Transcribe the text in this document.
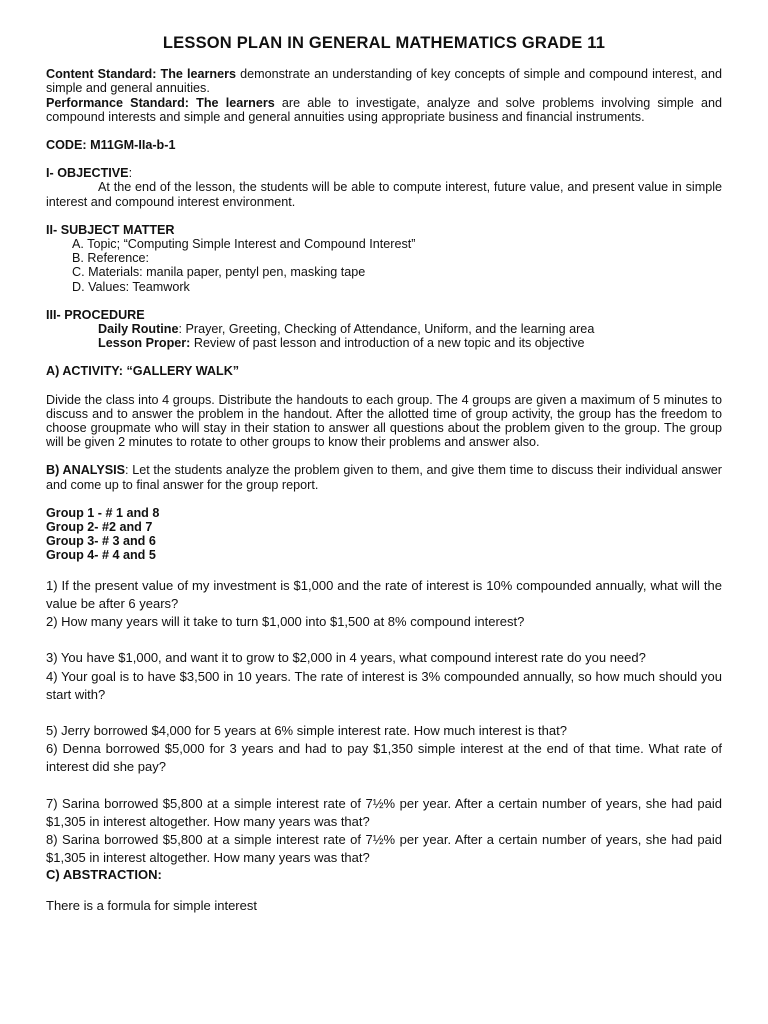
LESSON PLAN IN GENERAL MATHEMATICS GRADE 11

Content Standard: The learners demonstrate an understanding of key concepts of simple and compound interest, and simple and general annuities.

Performance Standard: The learners are able to investigate, analyze and solve problems involving simple and compound interests and simple and general annuities using appropriate business and financial instruments.

CODE: M11GM-IIa-b-1

I- OBJECTIVE:

At the end of the lesson, the students will be able to compute interest, future value, and present value in simple interest and compound interest environment.

II- SUBJECT MATTER

A. Topic; “Computing Simple Interest and Compound Interest”
B. Reference:
C. Materials: manila paper, pentyl pen, masking tape
D. Values: Teamwork

III- PROCEDURE

Daily Routine: Prayer, Greeting, Checking of Attendance, Uniform, and the learning area

Lesson Proper: Review of past lesson and introduction of a new topic and its objective

A) ACTIVITY: “GALLERY WALK”

Divide the class into 4 groups. Distribute the handouts to each group. The 4 groups are given a maximum of 5 minutes to discuss and to answer the problem in the handout. After the allotted time of group activity, the group has the freedom to choose groupmate who will stay in their station to answer all questions about the problem given to the group. The group will be given 2 minutes to rotate to other groups to know their problems and answer also.

B) ANALYSIS: Let the students analyze the problem given to them, and give them time to discuss their individual answer and come up to final answer for the group report.

Group 1 - # 1 and 8
Group 2- #2 and 7
Group 3- # 3 and 6
Group 4- # 4 and 5

1) If the present value of my investment is $1,000 and the rate of interest is 10% compounded annually, what will the value be after 6 years?

2) How many years will it take to turn $1,000 into $1,500 at 8% compound interest?

3) You have $1,000, and want it to grow to $2,000 in 4 years, what compound interest rate do you need?

4) Your goal is to have $3,500 in 10 years. The rate of interest is 3% compounded annually, so how much should you start with?

5) Jerry borrowed $4,000 for 5 years at 6% simple interest rate. How much interest is that?

6) Denna borrowed $5,000 for 3 years and had to pay $1,350 simple interest at the end of that time. What rate of interest did she pay?

7) Sarina borrowed $5,800 at a simple interest rate of 7½% per year. After a certain number of years, she had paid $1,305 in interest altogether. How many years was that?

8) Sarina borrowed $5,800 at a simple interest rate of 7½% per year. After a certain number of years, she had paid $1,305 in interest altogether. How many years was that?

C) ABSTRACTION:

There is a formula for simple interest
